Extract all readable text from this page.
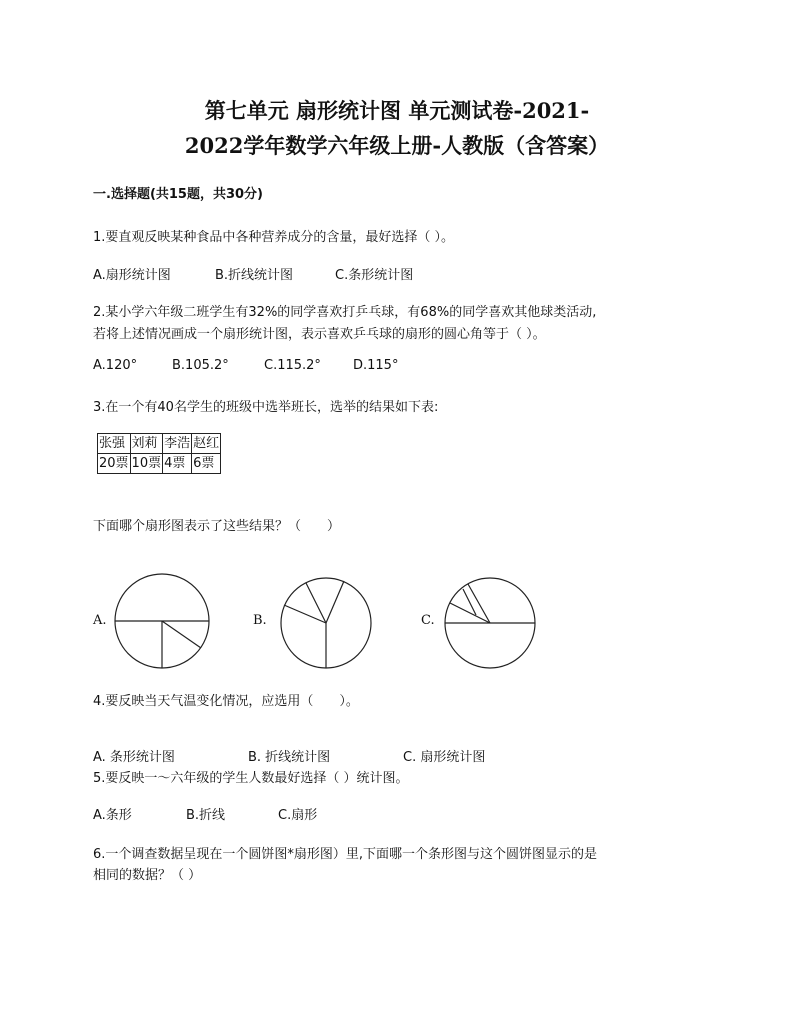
第七单元 扇形统计图 单元测试卷-2021-
2022学年数学六年级上册-人教版（含答案）
一.选择题(共15题，共30分)
1.要直观反映某种食品中各种营养成分的含量，最好选择（ ）。
A.扇形统计图	B.折线统计图	C.条形统计图
2.某小学六年级二班学生有32%的同学喜欢打乒乓球，有68%的同学喜欢其他球类活动,
若将上述情况画成一个扇形统计图，表示喜欢乒乓球的扇形的圆心角等于（ ）。
A.120°	B.105.2°	C.115.2° D.115°
3.在一个有40名学生的班级中选举班长，选举的结果如下表:
张强	刘莉	李浩	赵红
20票	10票	4票	6票
下面哪个扇形图表示了这些结果？（　　）
A.	B.	C.
4.要反映当天气温变化情况，应选用（　　）。
A. 条形统计图	B. 折线统计图	C. 扇形统计图
5.要反映一～六年级的学生人数最好选择（ ）统计图。
A.条形	B.折线	C.扇形
6.一个调查数据呈现在一个圆饼图*扇形图）里,下面哪一个条形图与这个圆饼图显示的是
相同的数据？（ ）
